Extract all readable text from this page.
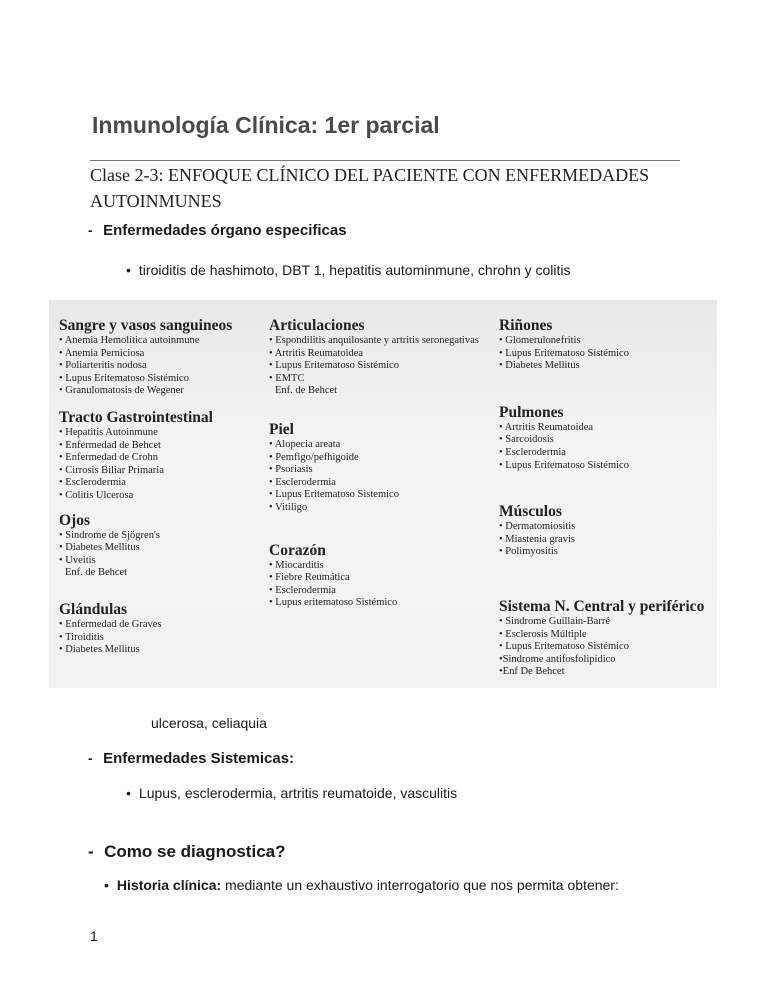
Inmunología Clínica: 1er parcial
Clase 2-3: ENFOQUE CLÍNICO DEL PACIENTE CON ENFERMEDADES
AUTOINMUNES
- Enfermedades órgano especificas
• tiroiditis de hashimoto, DBT 1, hepatitis autominmune, chrohn y colitis
Sangre y vasos sanguineos
• Anemia Hemolítica autoinmune
• Anemia Perniciosa
• Poliarteritis nodosa
• Lupus Eritematoso Sistémico
• Granulomatosis de Wegener
Tracto Gastrointestinal
• Hepatitis Autoinmune
• Enfermedad de Behcet
• Enfermedad de Crohn
• Cirrosis Biliar Primaria
• Esclerodermia
• Colitis Ulcerosa
Ojos
• Sindrome de Sjögren's
• Diabetes Mellitus
• Uveitis
Enf. de Behcet
Glándulas
• Enfermedad de Graves
• Tiroiditis
• Diabetes Mellitus
Articulaciones
• Espondilitis anquilosante y artritis seronegativas
• Artritis Reumatoidea
• Lupus Eritematoso Sistémico
• EMTC
Enf. de Behcet
Piel
• Alopecia areata
• Pemfigo/pefhigoide
• Psoriasis
• Esclerodermia
• Lupus Eritematoso Sistemico
• Vitiligo
Corazón
• Miocarditis
• Fiebre Reumática
• Esclerodermia
• Lupus eritematoso Sistémico
Riñones
• Glomerulonefritis
• Lupus Eritematoso Sistémico
• Diabetes Mellitus
Pulmones
• Artritis Reumatoidea
• Sarcoidosis
• Esclerodermia
• Lupus Eritematoso Sistémico
Músculos
• Dermatomiositis
• Miastenia gravis
• Polimyositis
Sistema N. Central y periférico
• Sindrome Guillain-Barré
• Esclerosis Múltiple
• Lupus Eritematoso Sistémico
•Sindrome antifosfolipídico
•Enf De Behcet
ulcerosa, celiaquia
- Enfermedades Sistemicas:
• Lupus, esclerodermia, artritis reumatoide, vasculitis
- Como se diagnostica?
• Historia clínica: mediante un exhaustivo interrogatorio que nos permita obtener:
1
